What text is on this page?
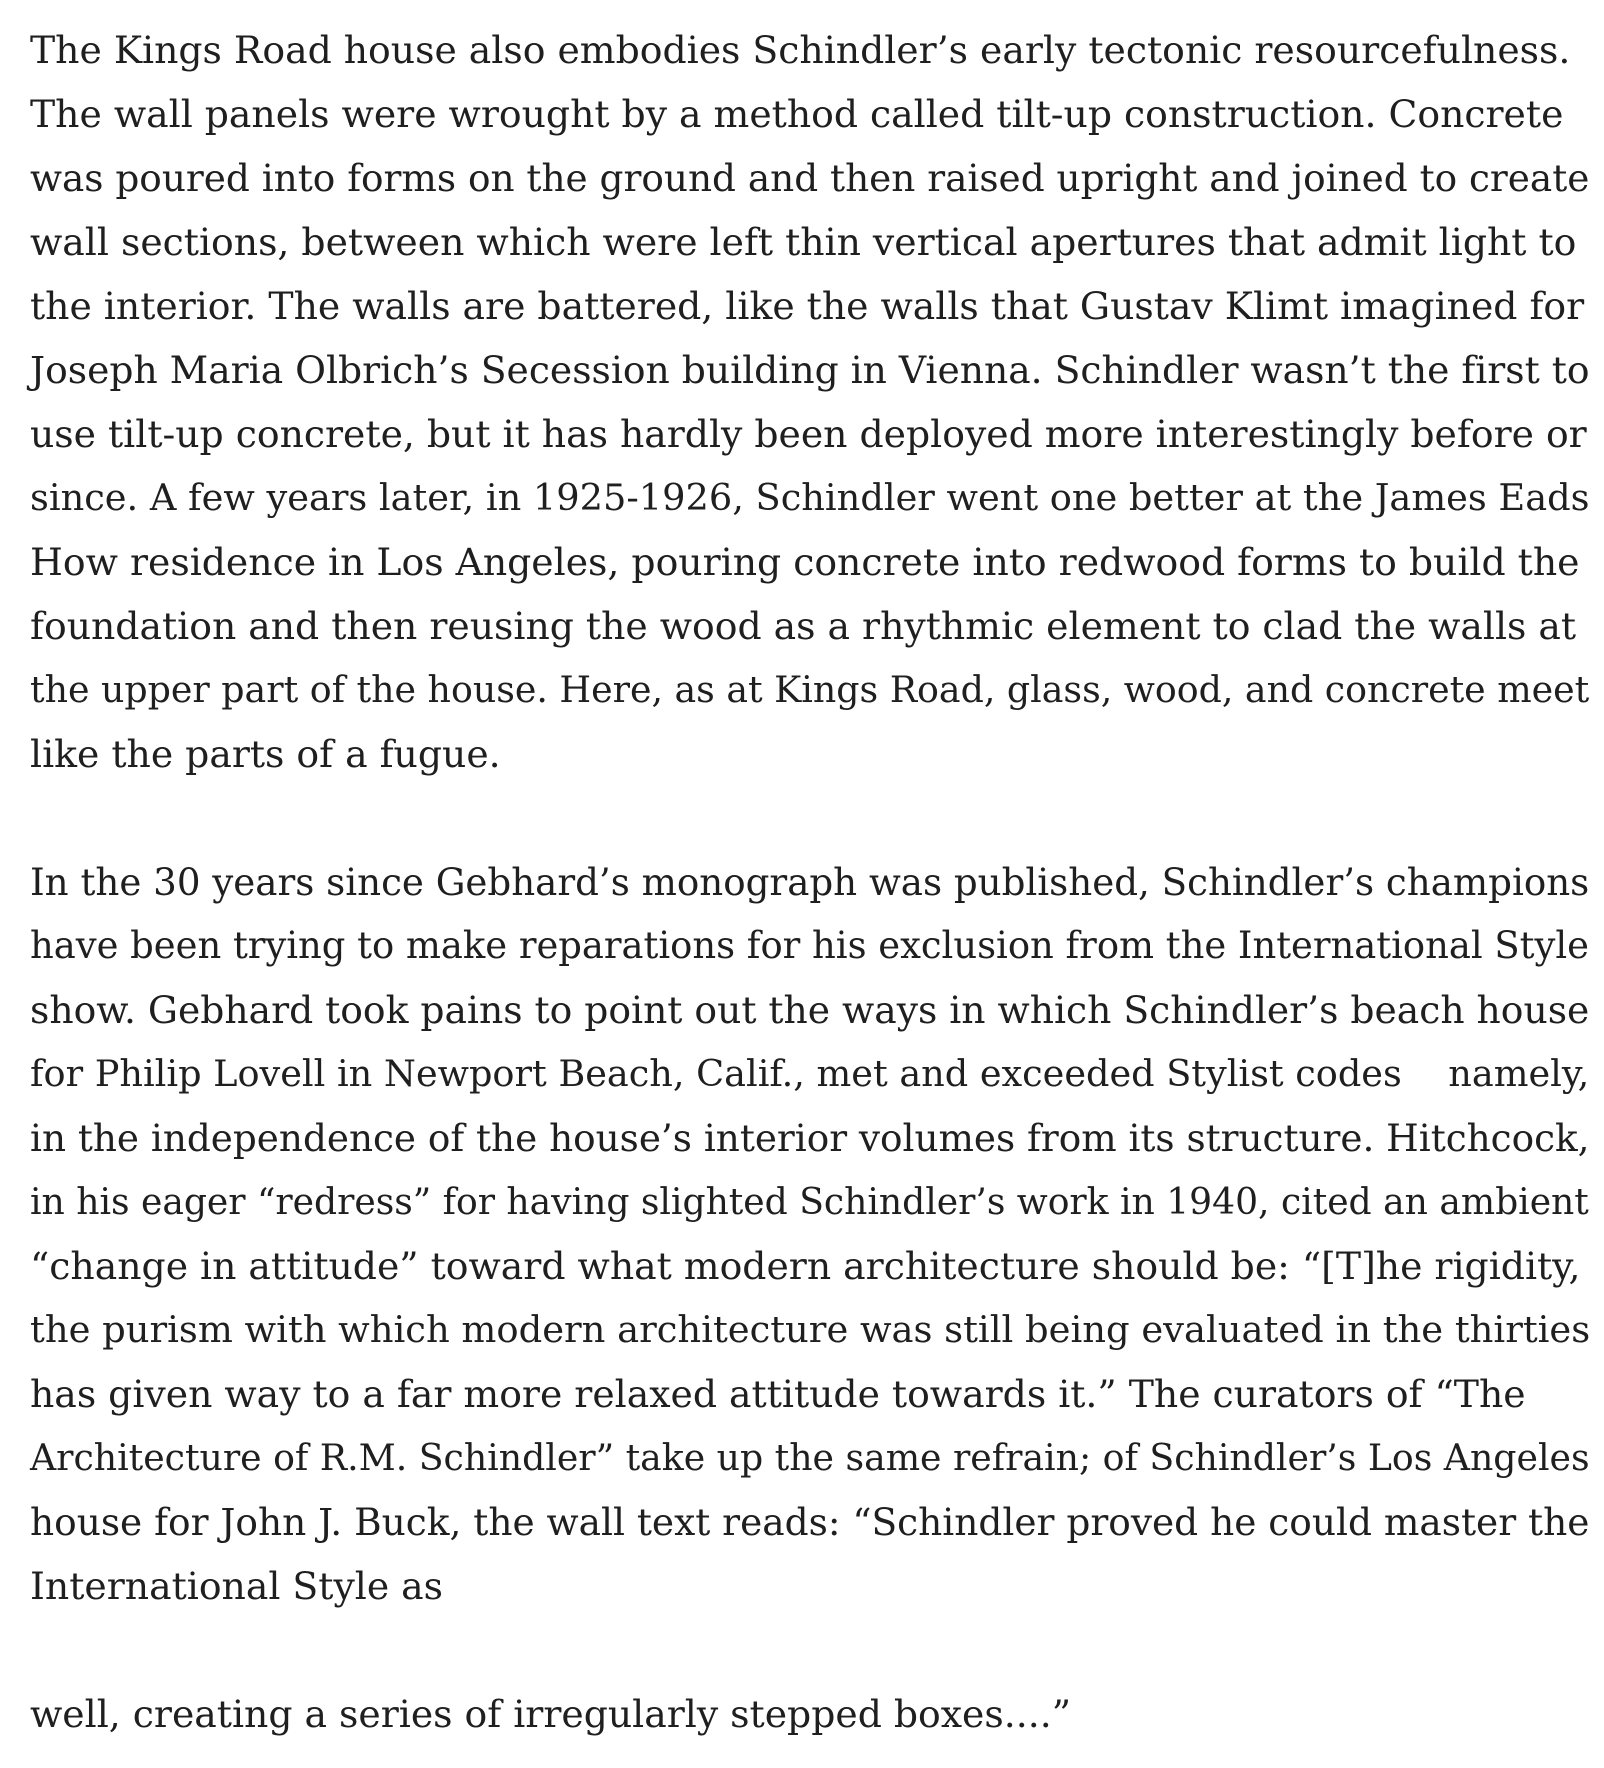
The Kings Road house also embodies Schindler’s early tectonic resourcefulness.
The wall panels were wrought by a method called tilt-up construction. Concrete
was poured into forms on the ground and then raised upright and joined to create
wall sections, between which were left thin vertical apertures that admit light to
the interior. The walls are battered, like the walls that Gustav Klimt imagined for
Joseph Maria Olbrich’s Secession building in Vienna. Schindler wasn’t the first to
use tilt-up concrete, but it has hardly been deployed more interestingly before or
since. A few years later, in 1925-1926, Schindler went one better at the James Eads
How residence in Los Angeles, pouring concrete into redwood forms to build the
foundation and then reusing the wood as a rhythmic element to clad the walls at
the upper part of the house. Here, as at Kings Road, glass, wood, and concrete meet
like the parts of a fugue.
In the 30 years since Gebhard’s monograph was published, Schindler’s champions
have been trying to make reparations for his exclusion from the International Style
show. Gebhard took pains to point out the ways in which Schindler’s beach house
for Philip Lovell in Newport Beach, Calif., met and exceeded Stylist codes    namely,
in the independence of the house’s interior volumes from its structure. Hitchcock,
in his eager “redress” for having slighted Schindler’s work in 1940, cited an ambient
“change in attitude” toward what modern architecture should be: “[T]he rigidity,
the purism with which modern architecture was still being evaluated in the thirties
has given way to a far more relaxed attitude towards it.” The curators of “The
Architecture of R.M. Schindler” take up the same refrain; of Schindler’s Los Angeles
house for John J. Buck, the wall text reads: “Schindler proved he could master the
International Style as
well, creating a series of irregularly stepped boxes....”
